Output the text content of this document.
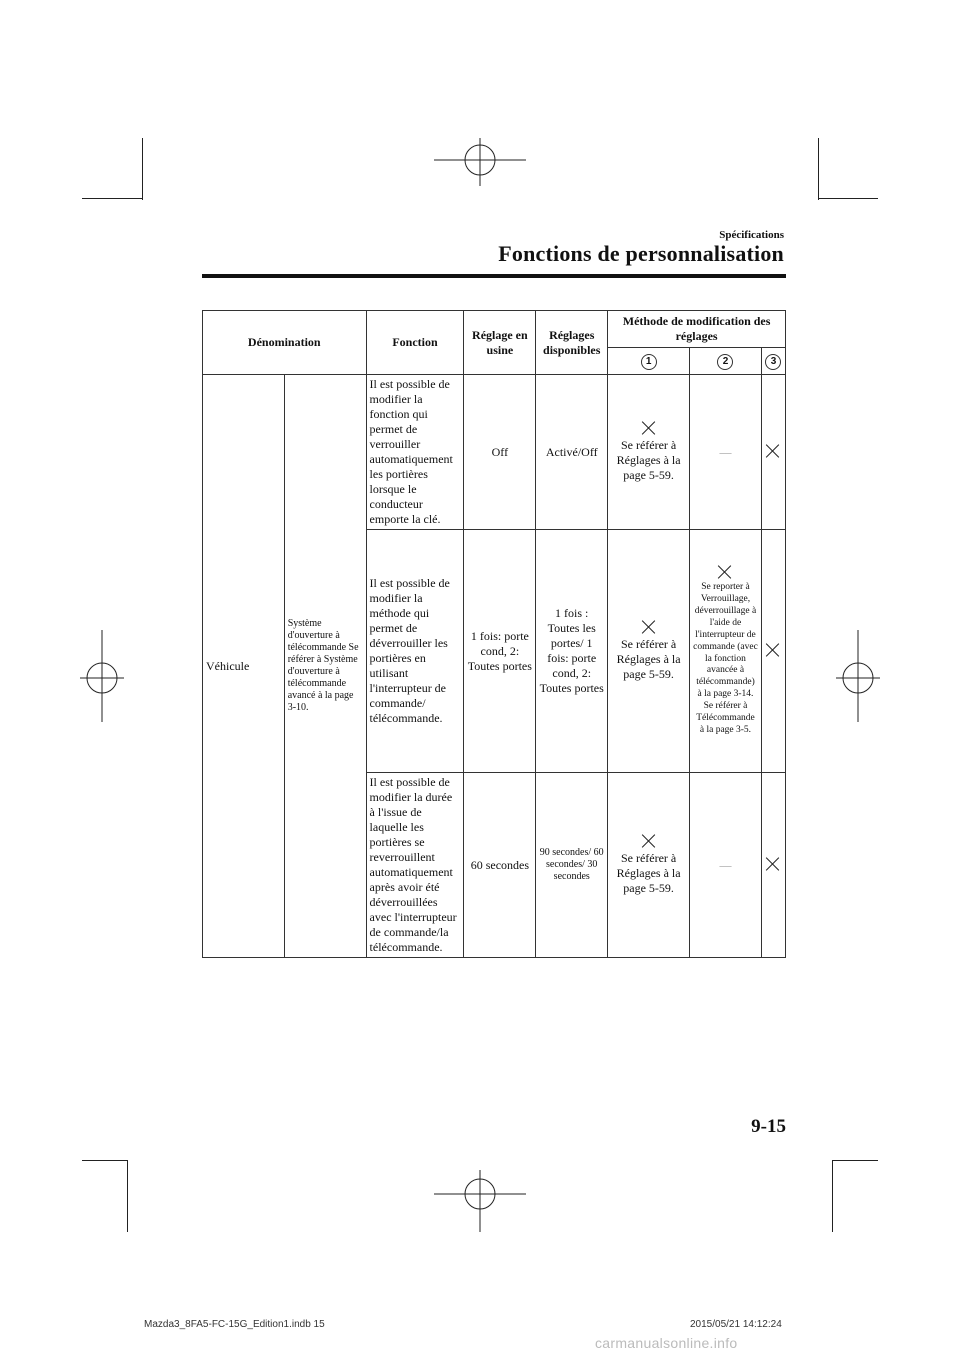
Spécifications
Fonctions de personnalisation
Dénomination		Fonction	Réglage en usine	Réglages disponibles	Méthode de modification des réglages		
					1	2	3
Véhicule	Système d'ouverture à télécommande Se référer à Système d'ouverture à télécommande avancé à la page 3-10.	Il est possible de modifier la fonction qui permet de verrouiller automatiquement les portières lorsque le conducteur emporte la clé.	Off	Activé/Off	Se référer à Réglages à la page 5-59.	—	

		Il est possible de modifier la méthode qui permet de déverrouiller les portières en utilisant l'interrupteur de commande/ télécommande.	1 fois: porte cond, 2: Toutes portes	1 fois : Toutes les portes/ 1 fois: porte cond, 2: Toutes portes	Se référer à Réglages à la page 5-59.	Se reporter à Verrouillage, déverrouillage à l'aide de l'interrupteur de commande (avec la fonction avancée à télécommande) à la page 3-14. Se référer à Télécommande à la page 3-5.	

		Il est possible de modifier la durée à l'issue de laquelle les portières se reverrouillent automatiquement après avoir été déverrouillées avec l'interrupteur de commande/la télécommande.	60 secondes	90 secondes/ 60 secondes/ 30 secondes	Se référer à Réglages à la page 5-59.	—	
9-15
Mazda3_8FA5-FC-15G_Edition1.indb 15	2015/05/21 14:12:24
carmanualsonline.info
